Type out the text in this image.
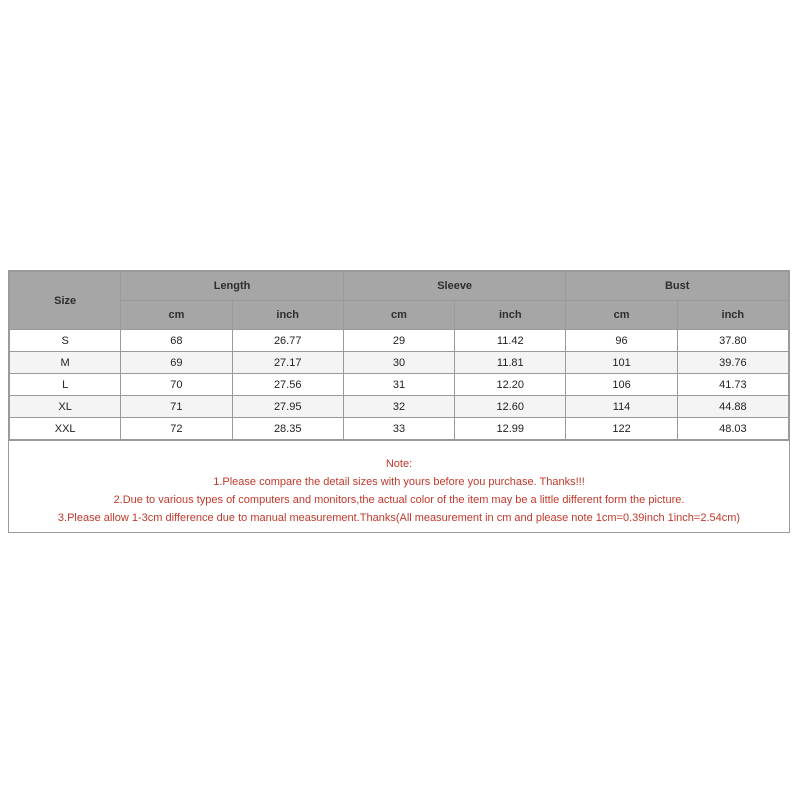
Size	Length		Sleeve		Bust	
	cm	inch	cm	inch	cm	inch
S	68	26.77	29	11.42	96	37.80
M	69	27.17	30	11.81	101	39.76
L	70	27.56	31	12.20	106	41.73
XL	71	27.95	32	12.60	114	44.88
XXL	72	28.35	33	12.99	122	48.03
Note:
1.Please compare the detail sizes with yours before you purchase. Thanks!!!
2.Due to various types of computers and monitors,the actual color of the item may be a little different form the picture.
3.Please allow 1-3cm difference due to manual measurement.Thanks(All measurement in cm and please note 1cm=0.39inch 1inch=2.54cm)
